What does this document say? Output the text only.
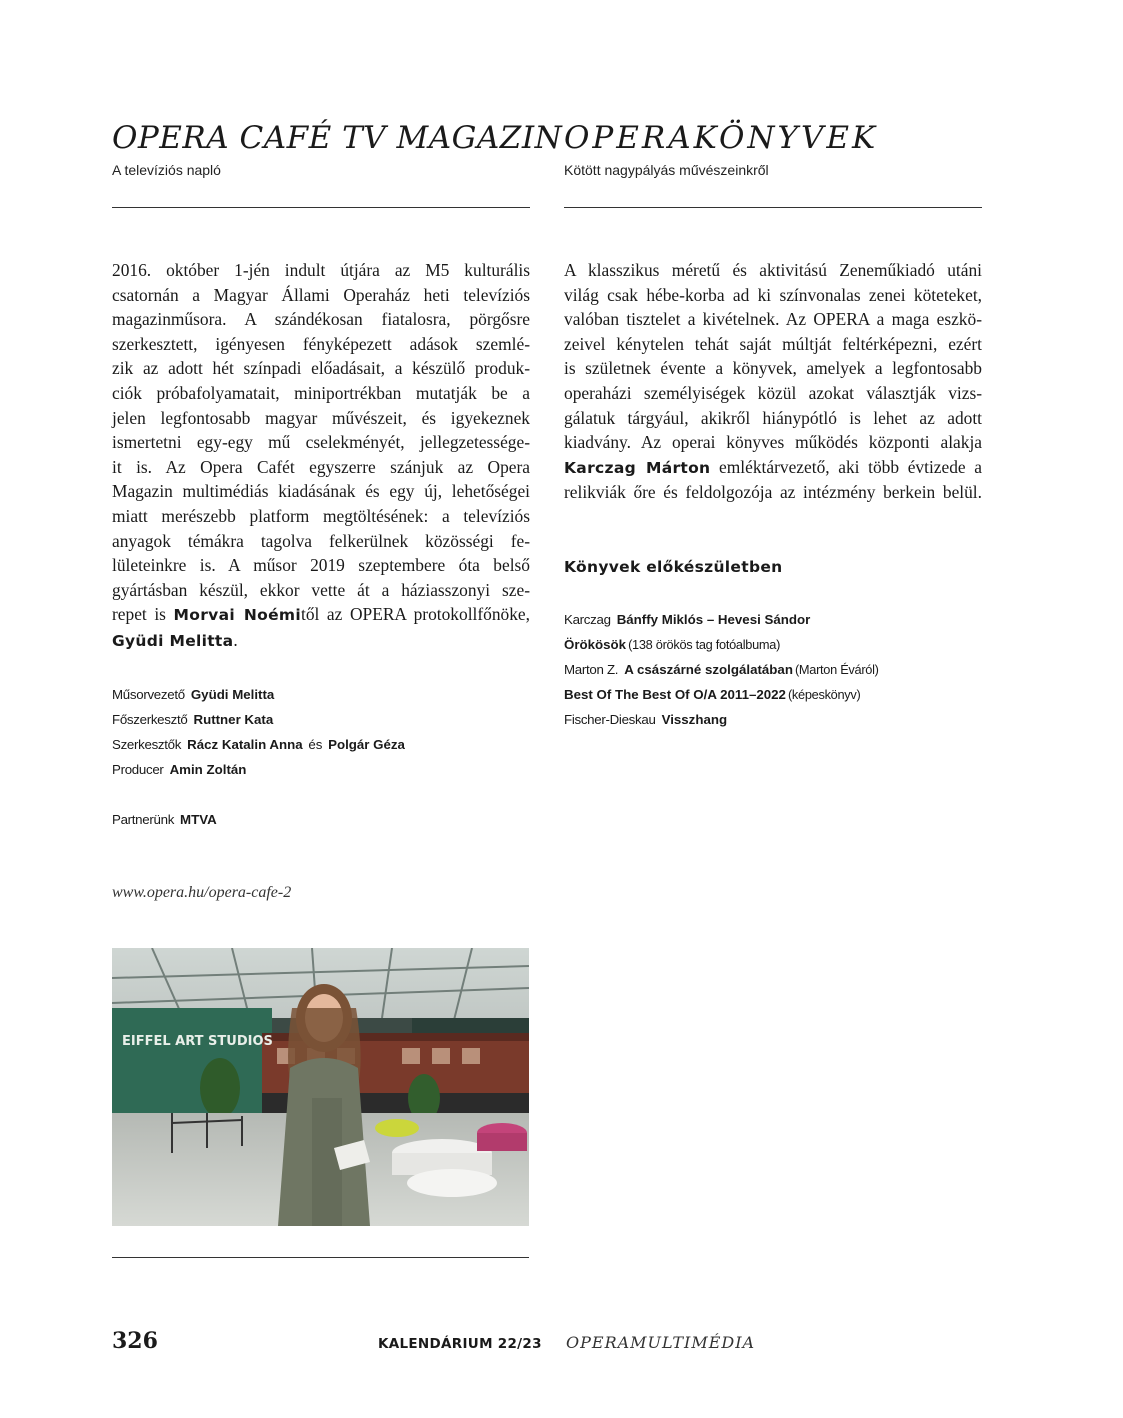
OPERA CAFÉ TV MAGAZIN
A televíziós napló
2016. október 1-jén indult útjára az M5 kulturális
csatornán a Magyar Állami Operaház heti televíziós
magazinműsora. A szándékosan fiatalosra, pörgősre
szerkesztett, igényesen fényképezett adások szemlé-
zik az adott hét színpadi előadásait, a készülő produk-
ciók próbafolyamatait, miniportrékban mutatják be a
jelen legfontosabb magyar művészeit, és igyekeznek
ismertetni egy-egy mű cselekményét, jellegzetessége-
it is. Az Opera Cafét egyszerre szánjuk az Opera
Magazin multimédiás kiadásának és egy új, lehetőségei
miatt merészebb platform megtöltésének: a televíziós
anyagok témákra tagolva felkerülnek közösségi fe-
lületeinkre is. A műsor 2019 szeptembere óta belső
gyártásban készül, ekkor vette át a háziasszonyi sze-
repet is Morvai Noémitől az OPERA protokollfőnöke,
Gyüdi Melitta.
Műsorvezető Gyüdi Melitta
Főszerkesztő Ruttner Kata
Szerkesztők Rácz Katalin Anna és Polgár Géza
Producer Amin Zoltán
Partnerünk MTVA
www.opera.hu/opera-cafe-2
EIFFEL ART STUDIOS
OPERAKÖNYVEK
Kötött nagypályás művészeinkről
A klasszikus méretű és aktivitású Zeneműkiadó utáni
világ csak hébe-korba ad ki színvonalas zenei köteteket,
valóban tisztelet a kivételnek. Az OPERA a maga eszkö-
zeivel kénytelen tehát saját múltját feltérképezni, ezért
is születnek évente a könyvek, amelyek a legfontosabb
operaházi személyiségek közül azokat választják vizs-
gálatuk tárgyául, akikről hiánypótló is lehet az adott
kiadvány. Az operai könyves működés központi alakja
Karczag Márton emléktárvezető, aki több évtizede a
relikviák őre és feldolgozója az intézmény berkein belül.
Könyvek előkészületben
Karczag Bánffy Miklós – Hevesi Sándor
Örökösök (138 örökös tag fotóalbuma)
Marton Z. A császárné szolgálatában (Marton Éváról)
Best Of The Best Of O/A 2011–2022 (képeskönyv)
Fischer-Dieskau Visszhang
326	KALENDÁRIUM 22/23 OPERAMULTIMÉDIA
